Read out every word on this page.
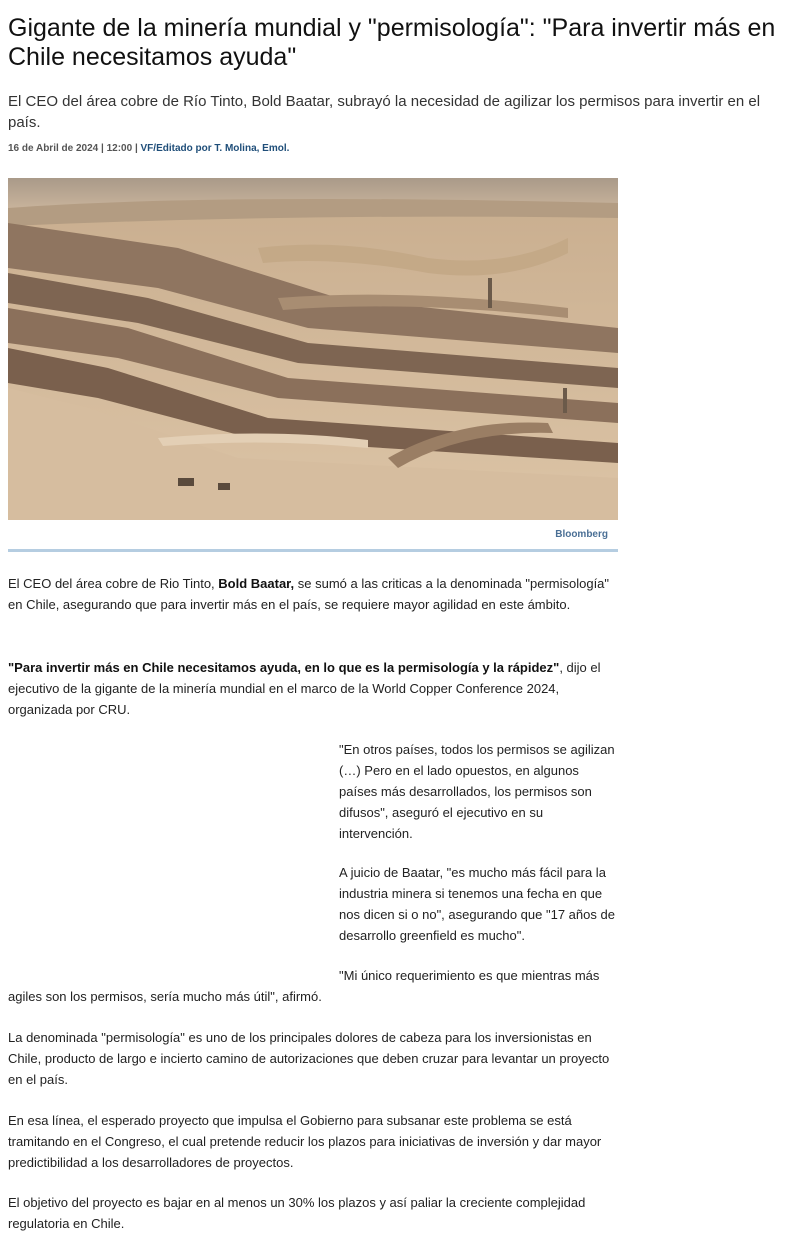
Gigante de la minería mundial y "permisología": "Para invertir más en Chile necesitamos ayuda"

El CEO del área cobre de Río Tinto, Bold Baatar, subrayó la necesidad de agilizar los permisos para invertir en el país.

16 de Abril de 2024 | 12:00 | VF/Editado por T. Molina, Emol.
Bloomberg

El CEO del área cobre de Rio Tinto, Bold Baatar, se sumó a las criticas a la denominada "permisología" en Chile, asegurando que para invertir más en el país, se requiere mayor agilidad en este ámbito.

"Para invertir más en Chile necesitamos ayuda, en lo que es la permisología y la rápidez", dijo el ejecutivo de la gigante de la minería mundial en el marco de la World Copper Conference 2024, organizada por CRU.

"En otros países, todos los permisos se agilizan (…) Pero en el lado opuestos, en algunos países más desarrollados, los permisos son difusos", aseguró el ejecutivo en su intervención.

A juicio de Baatar, "es mucho más fácil para la industria minera si tenemos una fecha en que nos dicen si o no", asegurando que "17 años de desarrollo greenfield es mucho".

"Mi único requerimiento es que mientras más

agiles son los permisos, sería mucho más útil", afirmó.

La denominada "permisología" es uno de los principales dolores de cabeza para los inversionistas en Chile, producto de largo e incierto camino de autorizaciones que deben cruzar para levantar un proyecto en el país.

En esa línea, el esperado proyecto que impulsa el Gobierno para subsanar este problema se está tramitando en el Congreso, el cual pretende reducir los plazos para iniciativas de inversión y dar mayor predictibilidad a los desarrolladores de proyectos.

El objetivo del proyecto es bajar en al menos un 30% los plazos y así paliar la creciente complejidad regulatoria en Chile.
